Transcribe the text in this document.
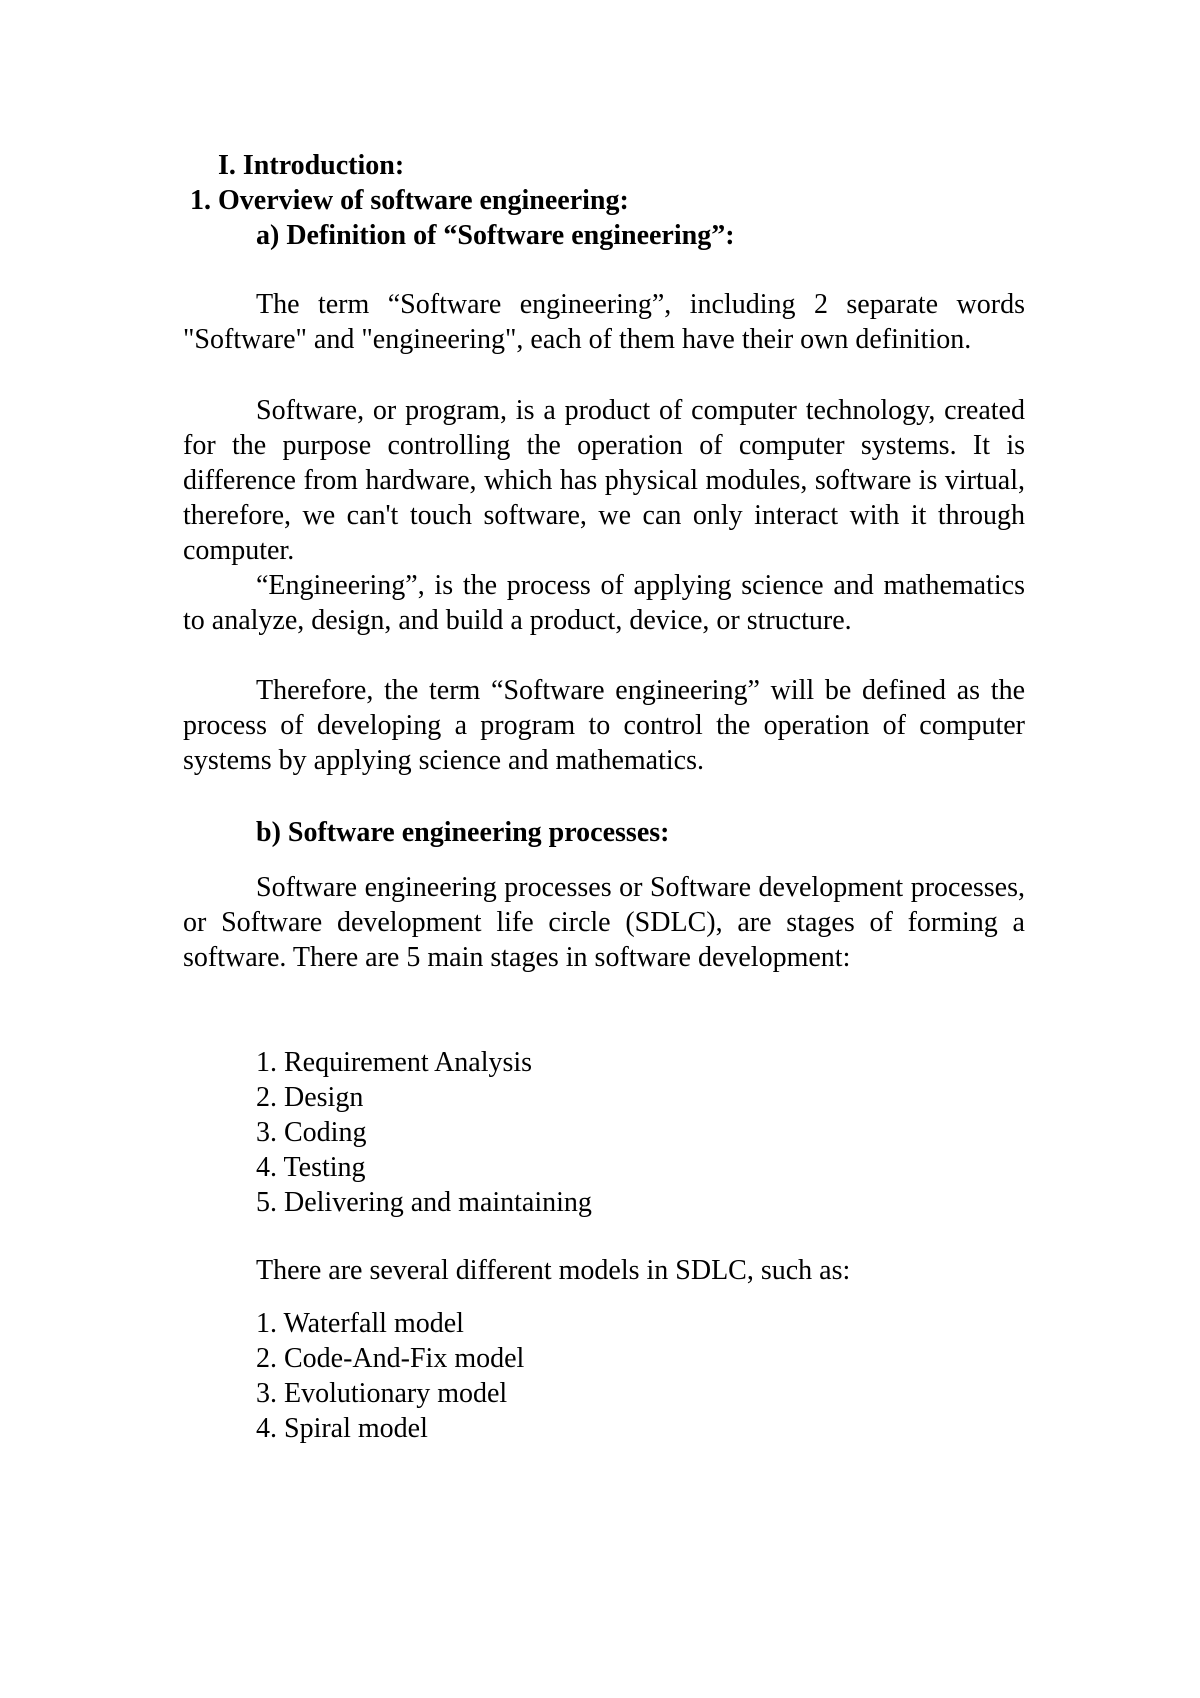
I. Introduction:
1. Overview of software engineering:
a) Definition of “Software engineering”:

The term “Software engineering”, including 2 separate words "Software" and "engineering", each of them have their own definition.

Software, or program, is a product of computer technology, created for the purpose controlling the operation of computer systems. It is difference from hardware, which has physical modules, software is virtual, therefore, we can't touch software, we can only interact with it through computer.

“Engineering”, is the process of applying science and mathematics to analyze, design, and build a product, device, or structure.

Therefore, the term “Software engineering” will be defined as the process of developing a program to control the operation of computer systems by applying science and mathematics.

b) Software engineering processes:

Software engineering processes or Software development processes, or Software development life circle (SDLC), are stages of forming a software. There are 5 main stages in software development:

1. Requirement Analysis
2. Design
3. Coding
4. Testing
5. Delivering and maintaining

There are several different models in SDLC, such as:

1. Waterfall model
2. Code-And-Fix model
3. Evolutionary model
4. Spiral model
